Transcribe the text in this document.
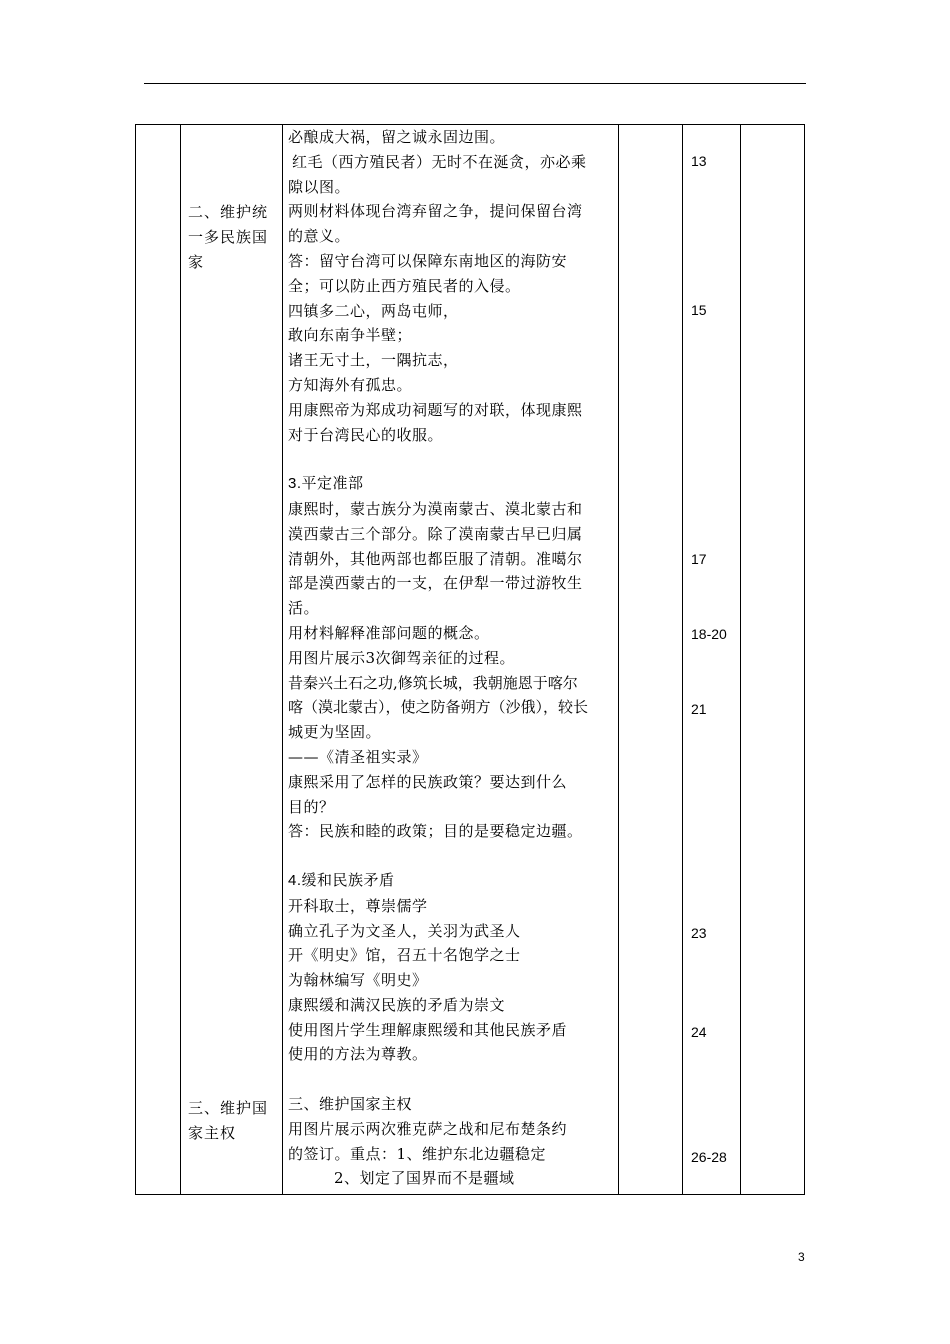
二、维护统一多民族国家
三、维护国家主权
必酿成大祸，留之诚永固边围。
红毛（西方殖民者）无时不在涎贪，亦必乘
隙以图。
两则材料体现台湾弃留之争，提问保留台湾
的意义。
答：留守台湾可以保障东南地区的海防安
全；可以防止西方殖民者的入侵。
四镇多二心，两岛屯师，
敢向东南争半壁；
诸王无寸土，一隅抗志，
方知海外有孤忠。
用康熙帝为郑成功祠题写的对联，体现康熙
对于台湾民心的收服。
3.平定准部
康熙时，蒙古族分为漠南蒙古、漠北蒙古和
漠西蒙古三个部分。除了漠南蒙古早已归属
清朝外，其他两部也都臣服了清朝。准噶尔
部是漠西蒙古的一支，在伊犁一带过游牧生
活。
用材料解释准部问题的概念。
用图片展示3次御驾亲征的过程。
昔秦兴土石之功,修筑长城，我朝施恩于喀尔
喀（漠北蒙古），使之防备朔方（沙俄），较长
城更为坚固。
——《清圣祖实录》
康熙采用了怎样的民族政策？要达到什么
目的？
答：民族和睦的政策；目的是要稳定边疆。
4.缓和民族矛盾
开科取士，尊崇儒学
确立孔子为文圣人，关羽为武圣人
开《明史》馆，召五十名饱学之士
为翰林编写《明史》
康熙缓和满汉民族的矛盾为崇文
使用图片学生理解康熙缓和其他民族矛盾
使用的方法为尊教。
三、维护国家主权
用图片展示两次雅克萨之战和尼布楚条约
的签订。重点：1、维护东北边疆稳定
2、划定了国界而不是疆域
13
15
17
18-20
21
23
24
26-28
3
